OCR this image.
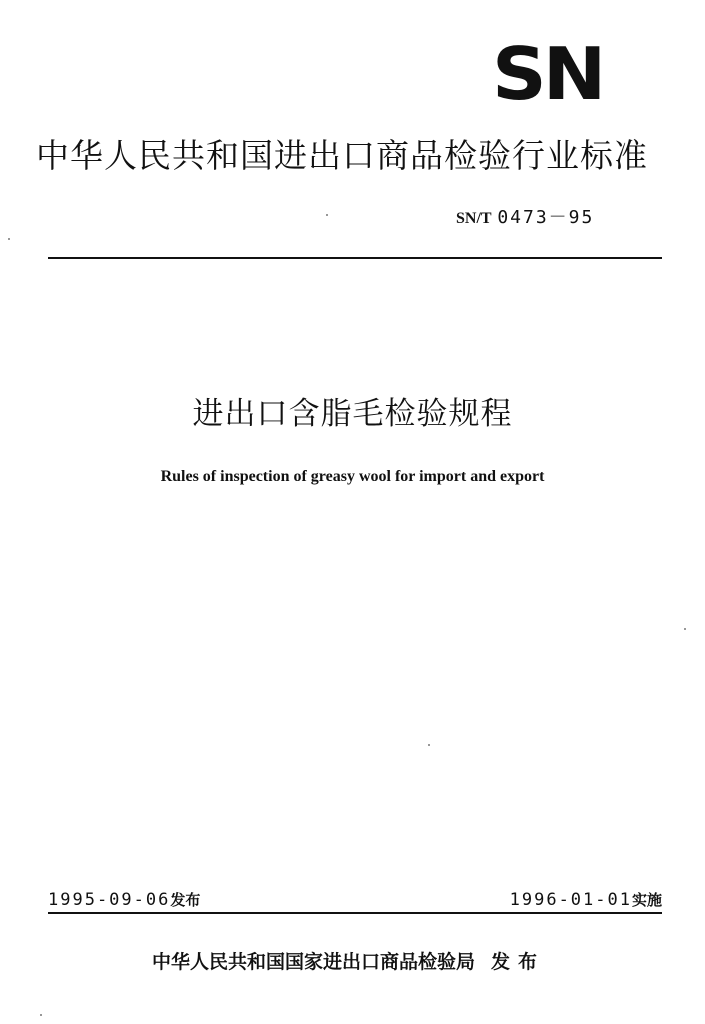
SN
中华人民共和国进出口商品检验行业标准
SN/T 0473－95
进出口含脂毛检验规程
Rules of inspection of greasy wool for import and export
1995-09-06发布	1996-01-01实施
中华人民共和国国家进出口商品检验局 发布
